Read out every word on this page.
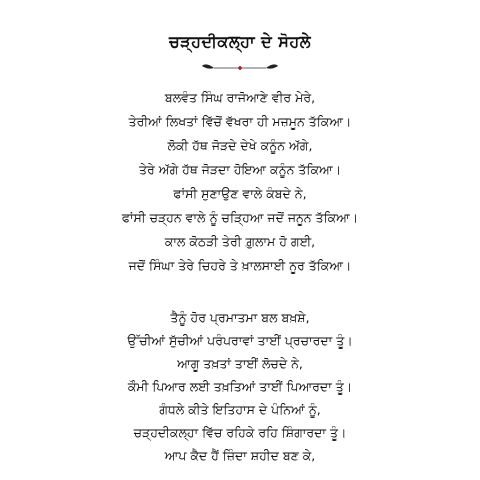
ਚੜ੍ਹਦੀਕਲ੍ਹਾ ਦੇ ਸੋਹਲੇ
ਬਲਵੰਤ ਸਿੰਘ ਰਾਜੋਆਣੇ ਵੀਰ ਮੇਰੇ,
ਤੇਰੀਆਂ ਲਿਖਤਾਂ ਵਿੱਚੋਂ ਵੱਖਰਾ ਹੀ ਮਜ਼ਮੂਨ ਤੱਕਿਆ।
ਲੋਕੀ ਹੱਥ ਜੋੜਦੇ ਦੇਖੇ ਕਨੂੰਨ ਅੱਗੇ,
ਤੇਰੇ ਅੱਗੇ ਹੱਥ ਜੋੜਦਾ ਹੋਇਆ ਕਨੂੰਨ ਤੱਕਿਆ।
ਫਾਂਸੀ ਸੁਣਾਉਣ ਵਾਲੇ ਕੰਬਦੇ ਨੇ,
ਫਾਂਸੀ ਚੜ੍ਹਨ ਵਾਲੇ ਨੂੰ ਚੜ੍ਹਿਆ ਜਦੋਂ ਜਨੂਨ ਤੱਕਿਆ।
ਕਾਲ ਕੋਠੜੀ ਤੇਰੀ ਗ਼ੁਲਾਮ ਹੋ ਗਈ,
ਜਦੋਂ ਸਿੰਘਾ ਤੇਰੇ ਚਿਹਰੇ ਤੇ ਖ਼ਾਲਸਾਈ ਨੂਰ ਤੱਕਿਆ।
ਤੈਨੂੰ ਹੋਰ ਪ੍ਰਮਾਤਮਾ ਬਲ ਬਖ਼ਸ਼ੇ,
ਉੱਚੀਆਂ ਸੁੱਚੀਆਂ ਪਰੰਪਰਾਵਾਂ ਤਾਈਂ ਪ੍ਰਚਾਰਦਾ ਤੂੰ।
ਆਗੂ ਤਖ਼ਤਾਂ ਤਾਈਂ ਲੋਚਦੇ ਨੇ,
ਕੌਮੀ ਪਿਆਰ ਲਈ ਤਖ਼ਤਿਆਂ ਤਾਈਂ ਪਿਆਰਦਾ ਤੂੰ।
ਗੰਧਲੇ ਕੀਤੇ ਇਤਿਹਾਸ ਦੇ ਪੰਨਿਆਂ ਨੂੰ,
ਚੜ੍ਹਦੀਕਲ੍ਹਾ ਵਿੱਚ ਰਹਿਕੇ ਰਹਿ ਸ਼ਿੰਗਾਰਦਾ ਤੂੰ।
ਆਪ ਕੈਦ ਹੈਂ ਜ਼ਿੰਦਾ ਸ਼ਹੀਦ ਬਣ ਕੇ,
